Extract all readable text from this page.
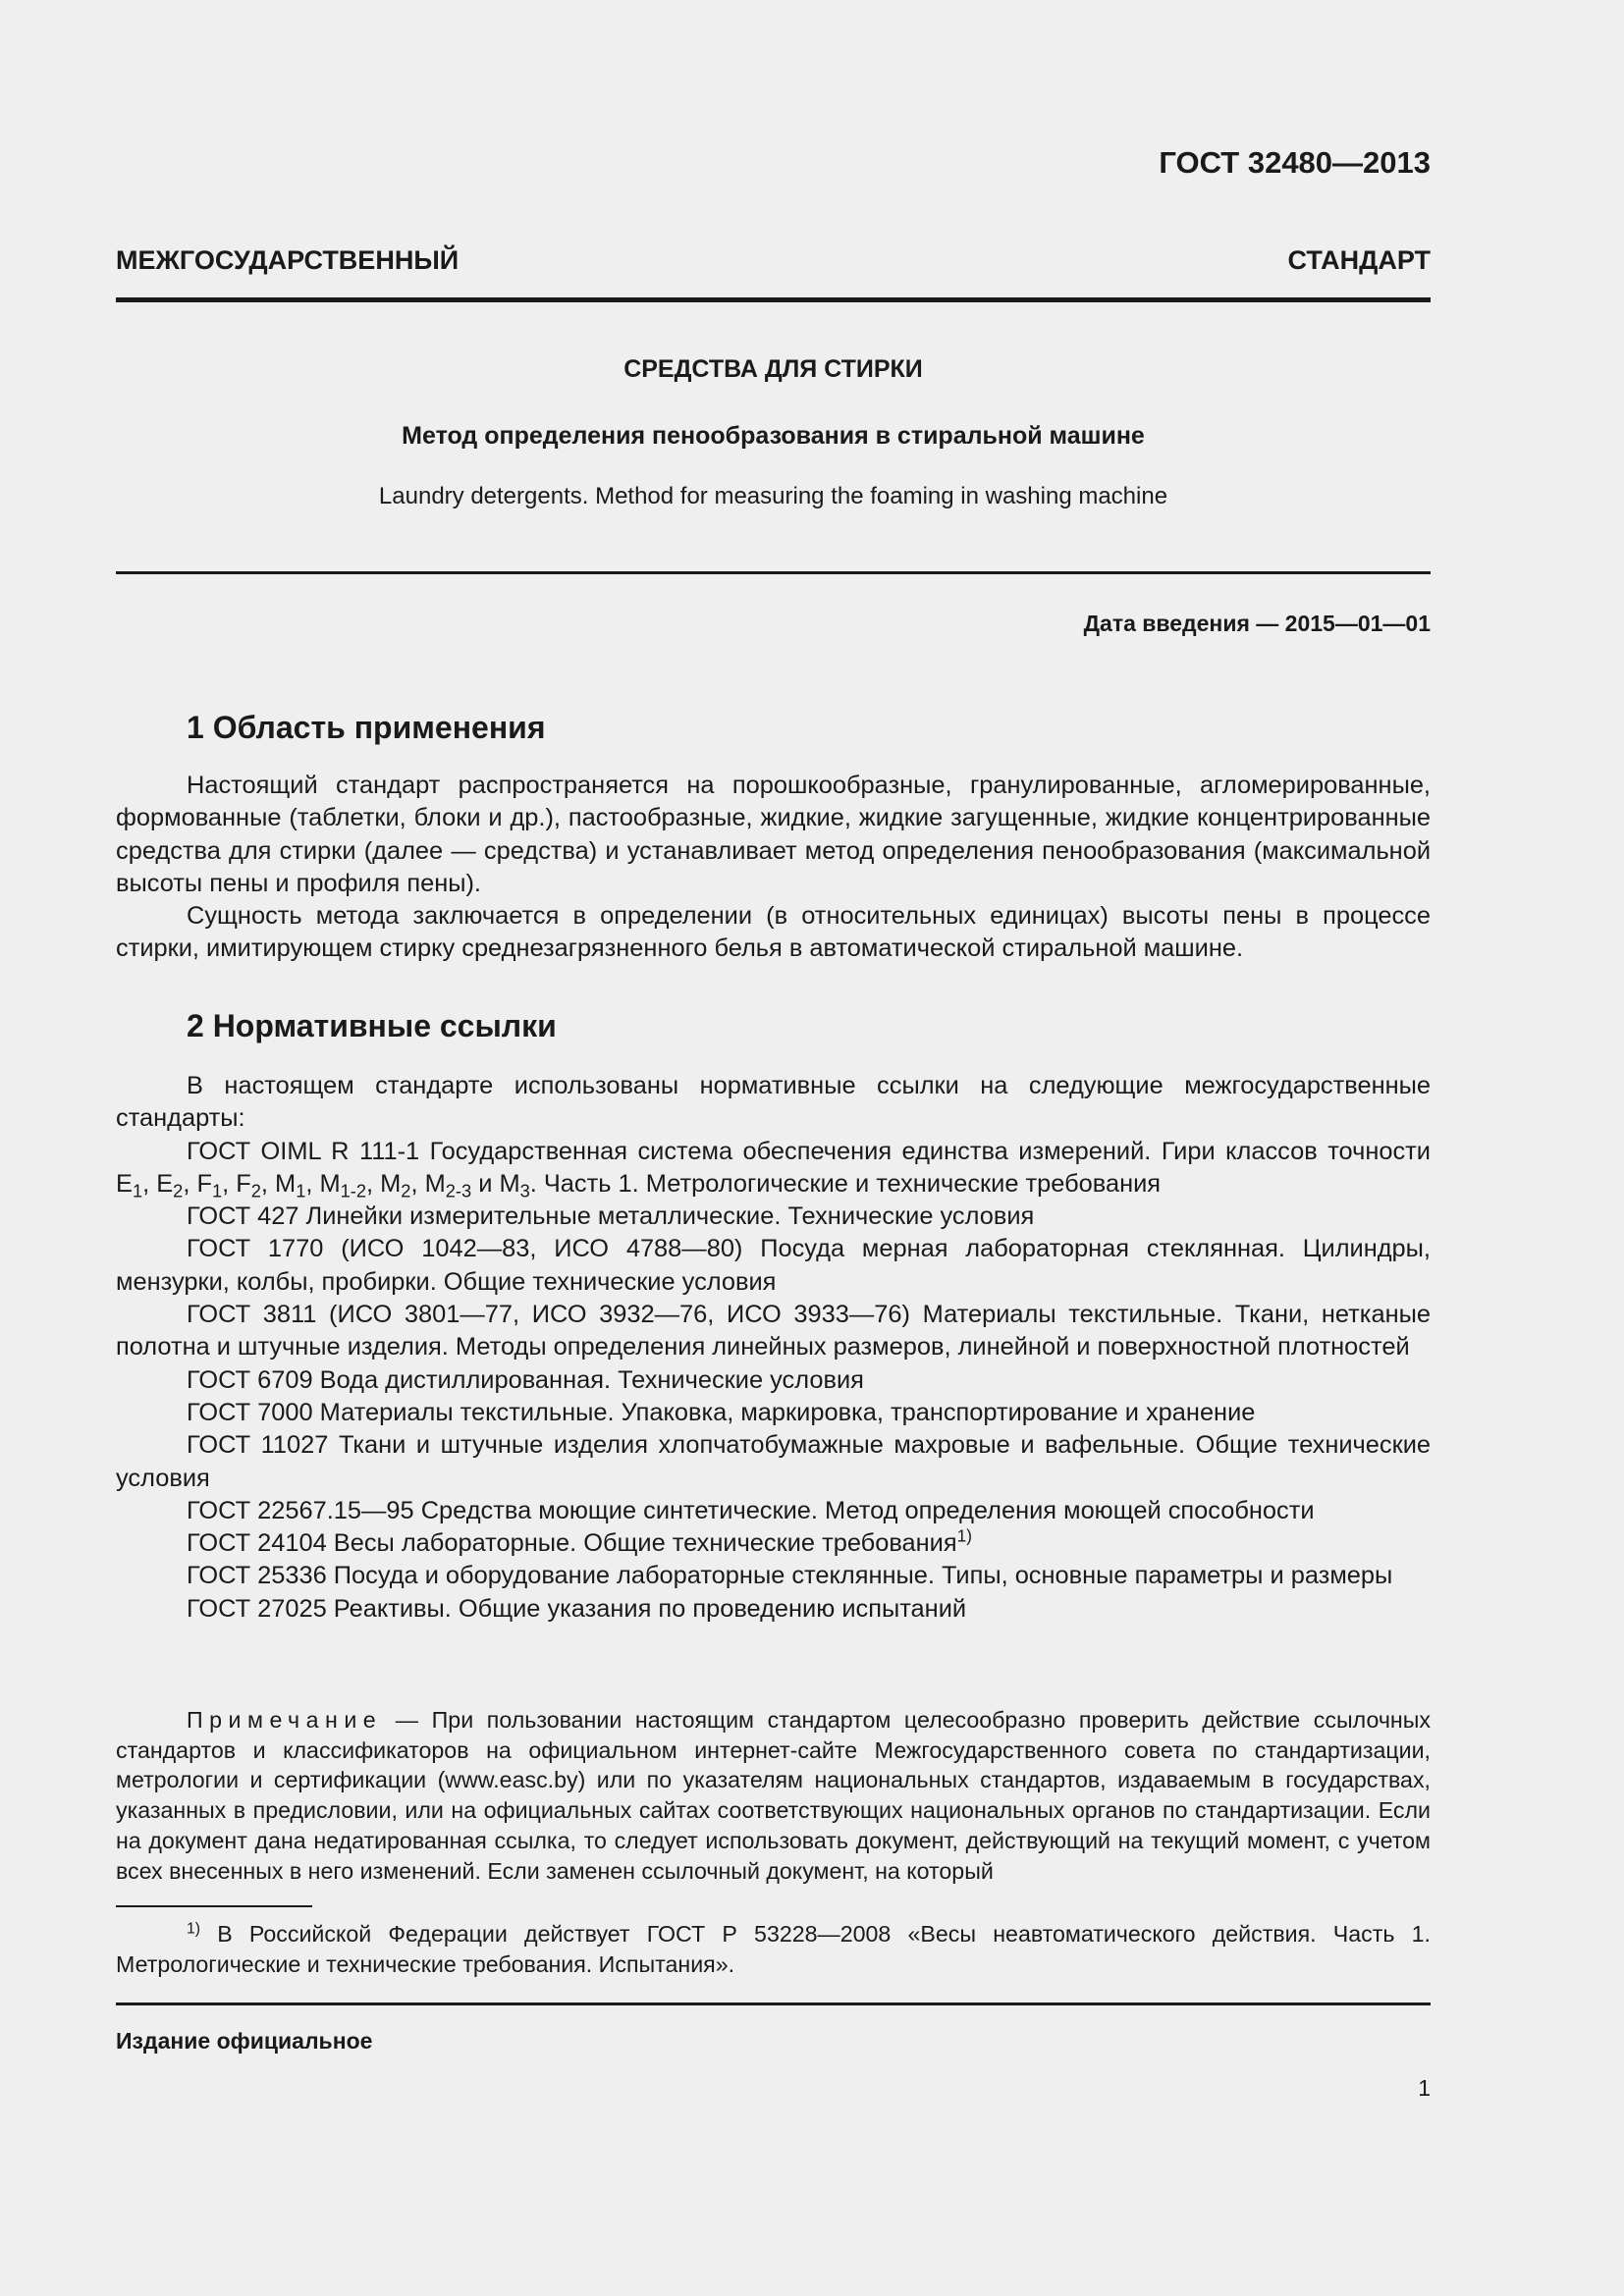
ГОСТ 32480—2013
МЕЖГОСУДАРСТВЕННЫЙ СТАНДАРТ
СРЕДСТВА ДЛЯ СТИРКИ
Метод определения пенообразования в стиральной машине
Laundry detergents. Method for measuring the foaming in washing machine
Дата введения — 2015—01—01
1 Область применения

Настоящий стандарт распространяется на порошкообразные, гранулированные, агломерированные, формованные (таблетки, блоки и др.), пастообразные, жидкие, жидкие загущенные, жидкие концентрированные средства для стирки (далее — средства) и устанавливает метод определения пенообразования (максимальной высоты пены и профиля пены).

Сущность метода заключается в определении (в относительных единицах) высоты пены в процессе стирки, имитирующем стирку среднезагрязненного белья в автоматической стиральной машине.

2 Нормативные ссылки

В настоящем стандарте использованы нормативные ссылки на следующие межгосударственные стандарты:

ГОСТ OIML R 111-1 Государственная система обеспечения единства измерений. Гири классов точности $E_1$, $E_2$, $F_1$, $F_2$, $M_1$, $M_{1-2}$, $M_2$, $M_{2-3}$ и $M_3$. Часть 1. Метрологические и технические требования

ГОСТ 427 Линейки измерительные металлические. Технические условия

ГОСТ 1770 (ИСО 1042—83, ИСО 4788—80) Посуда мерная лабораторная стеклянная. Цилиндры, мензурки, колбы, пробирки. Общие технические условия

ГОСТ 3811 (ИСО 3801—77, ИСО 3932—76, ИСО 3933—76) Материалы текстильные. Ткани, нетканые полотна и штучные изделия. Методы определения линейных размеров, линейной и поверхностной плотностей

ГОСТ 6709 Вода дистиллированная. Технические условия

ГОСТ 7000 Материалы текстильные. Упаковка, маркировка, транспортирование и хранение

ГОСТ 11027 Ткани и штучные изделия хлопчатобумажные махровые и вафельные. Общие технические условия

ГОСТ 22567.15—95 Средства моющие синтетические. Метод определения моющей способности

ГОСТ 24104 Весы лабораторные. Общие технические требования$^{1)}$

ГОСТ 25336 Посуда и оборудование лабораторные стеклянные. Типы, основные параметры и размеры

ГОСТ 27025 Реактивы. Общие указания по проведению испытаний

Примечание — При пользовании настоящим стандартом целесообразно проверить действие ссылочных стандартов и классификаторов на официальном интернет-сайте Межгосударственного совета по стандартизации, метрологии и сертификации (www.easc.by) или по указателям национальных стандартов, издаваемым в государствах, указанных в предисловии, или на официальных сайтах соответствующих национальных органов по стандартизации. Если на документ дана недатированная ссылка, то следует использовать документ, действующий на текущий момент, с учетом всех внесенных в него изменений. Если заменен ссылочный документ, на который

$^{1)}$ В Российской Федерации действует ГОСТ Р 53228—2008 «Весы неавтоматического действия. Часть 1. Метрологические и технические требования. Испытания».

Издание официальное
1
